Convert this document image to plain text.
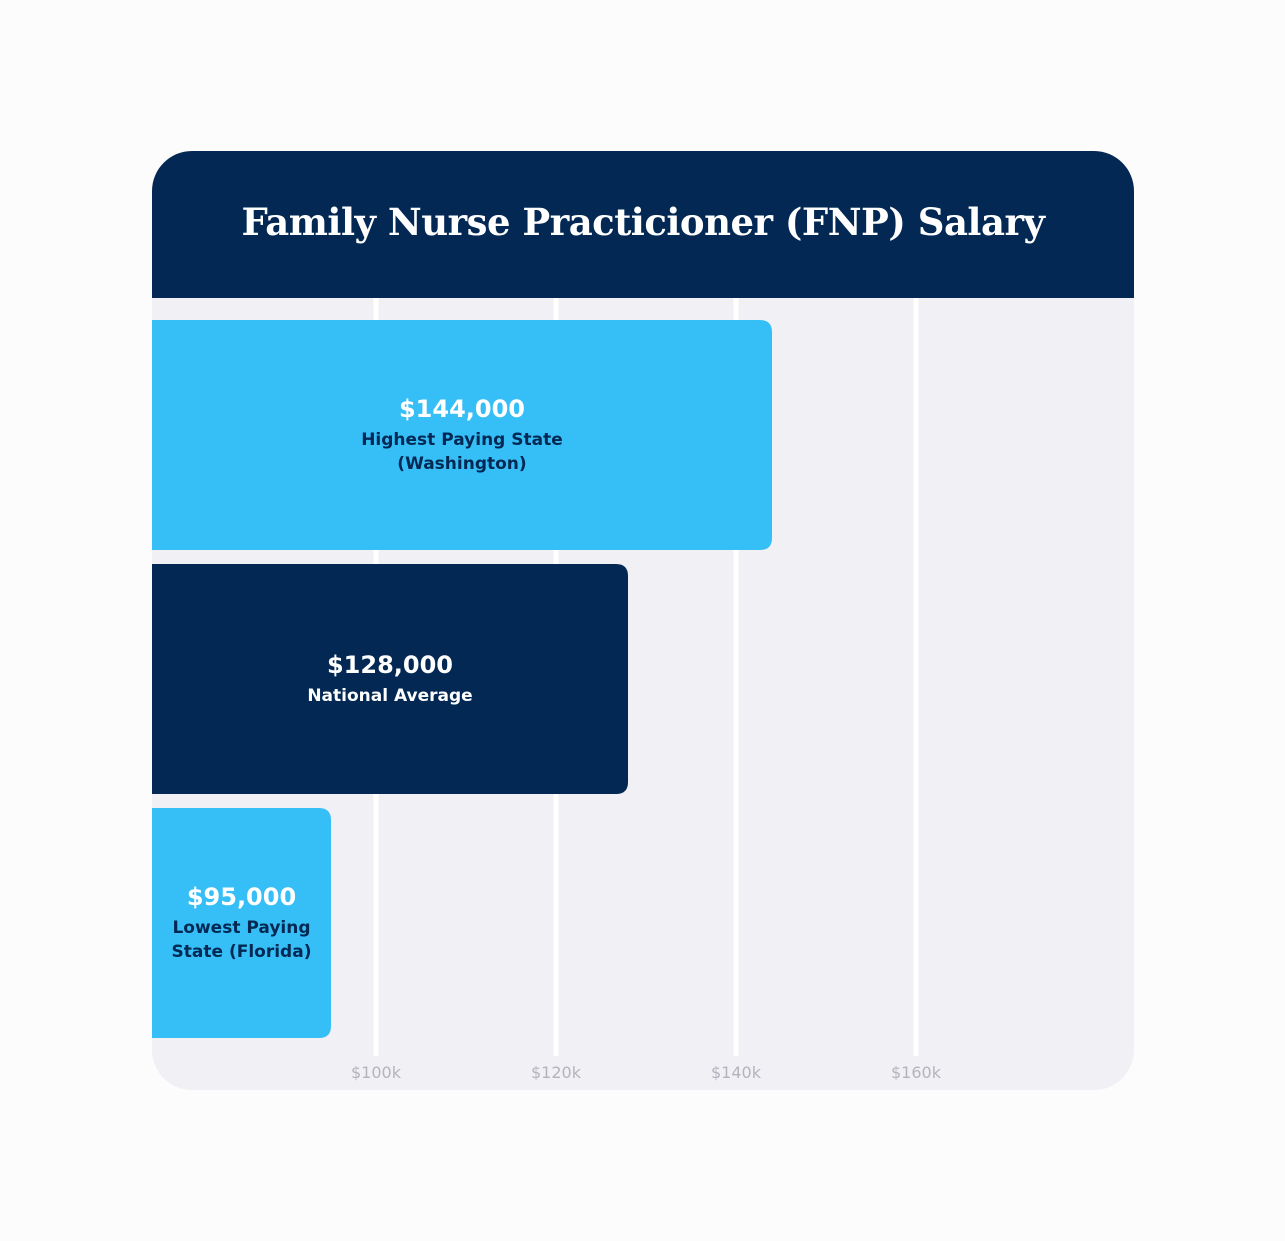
Family Nurse Practicioner (FNP) Salary
$144,000
Highest Paying State
(Washington)
$128,000
National Average
$95,000
Lowest Paying
State (Florida)
$100k	$120k	$140k	$160k
